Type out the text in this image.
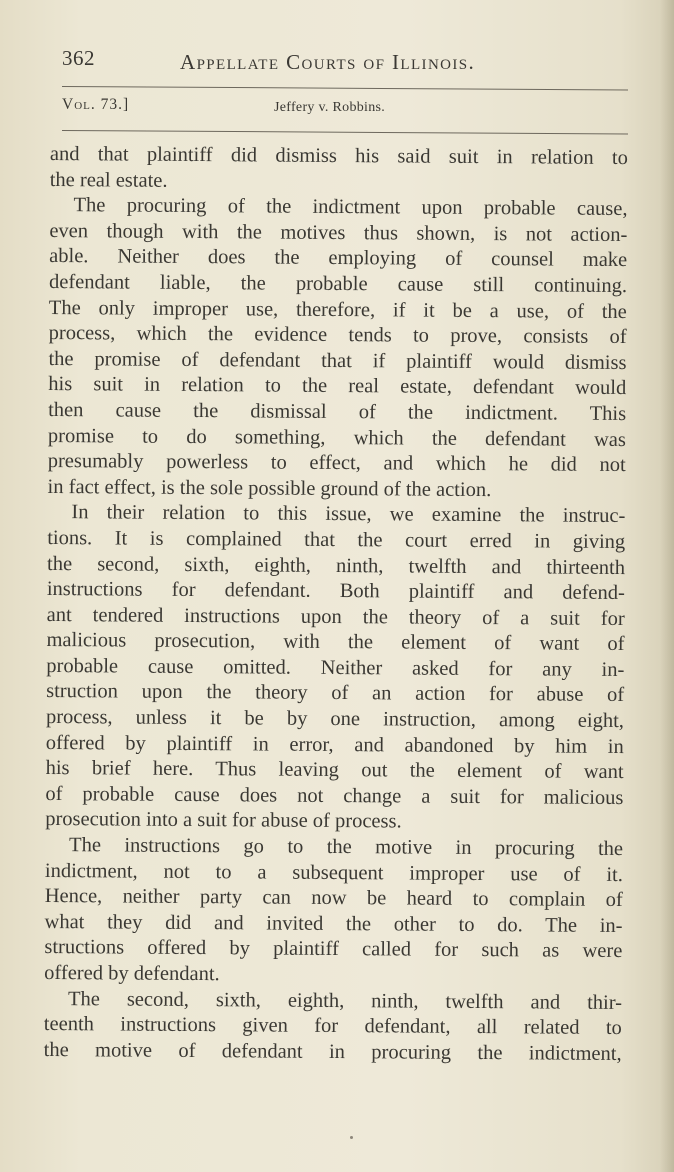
362	Appellate Courts of Illinois.
Vol. 73.]	Jeffery v. Robbins.
and that plaintiff did dismiss his said suit in relation to
the real estate.
The procuring of the indictment upon probable cause,
even though with the motives thus shown, is not action-
able. Neither does the employing of counsel make
defendant liable, the probable cause still continuing.
The only improper use, therefore, if it be a use, of the
process, which the evidence tends to prove, consists of
the promise of defendant that if plaintiff would dismiss
his suit in relation to the real estate, defendant would
then cause the dismissal of the indictment. This
promise to do something, which the defendant was
presumably powerless to effect, and which he did not
in fact effect, is the sole possible ground of the action.
In their relation to this issue, we examine the instruc-
tions. It is complained that the court erred in giving
the second, sixth, eighth, ninth, twelfth and thirteenth
instructions for defendant. Both plaintiff and defend-
ant tendered instructions upon the theory of a suit for
malicious prosecution, with the element of want of
probable cause omitted. Neither asked for any in-
struction upon the theory of an action for abuse of
process, unless it be by one instruction, among eight,
offered by plaintiff in error, and abandoned by him in
his brief here. Thus leaving out the element of want
of probable cause does not change a suit for malicious
prosecution into a suit for abuse of process.
The instructions go to the motive in procuring the
indictment, not to a subsequent improper use of it.
Hence, neither party can now be heard to complain of
what they did and invited the other to do. The in-
structions offered by plaintiff called for such as were
offered by defendant.
The second, sixth, eighth, ninth, twelfth and thir-
teenth instructions given for defendant, all related to
the motive of defendant in procuring the indictment,
